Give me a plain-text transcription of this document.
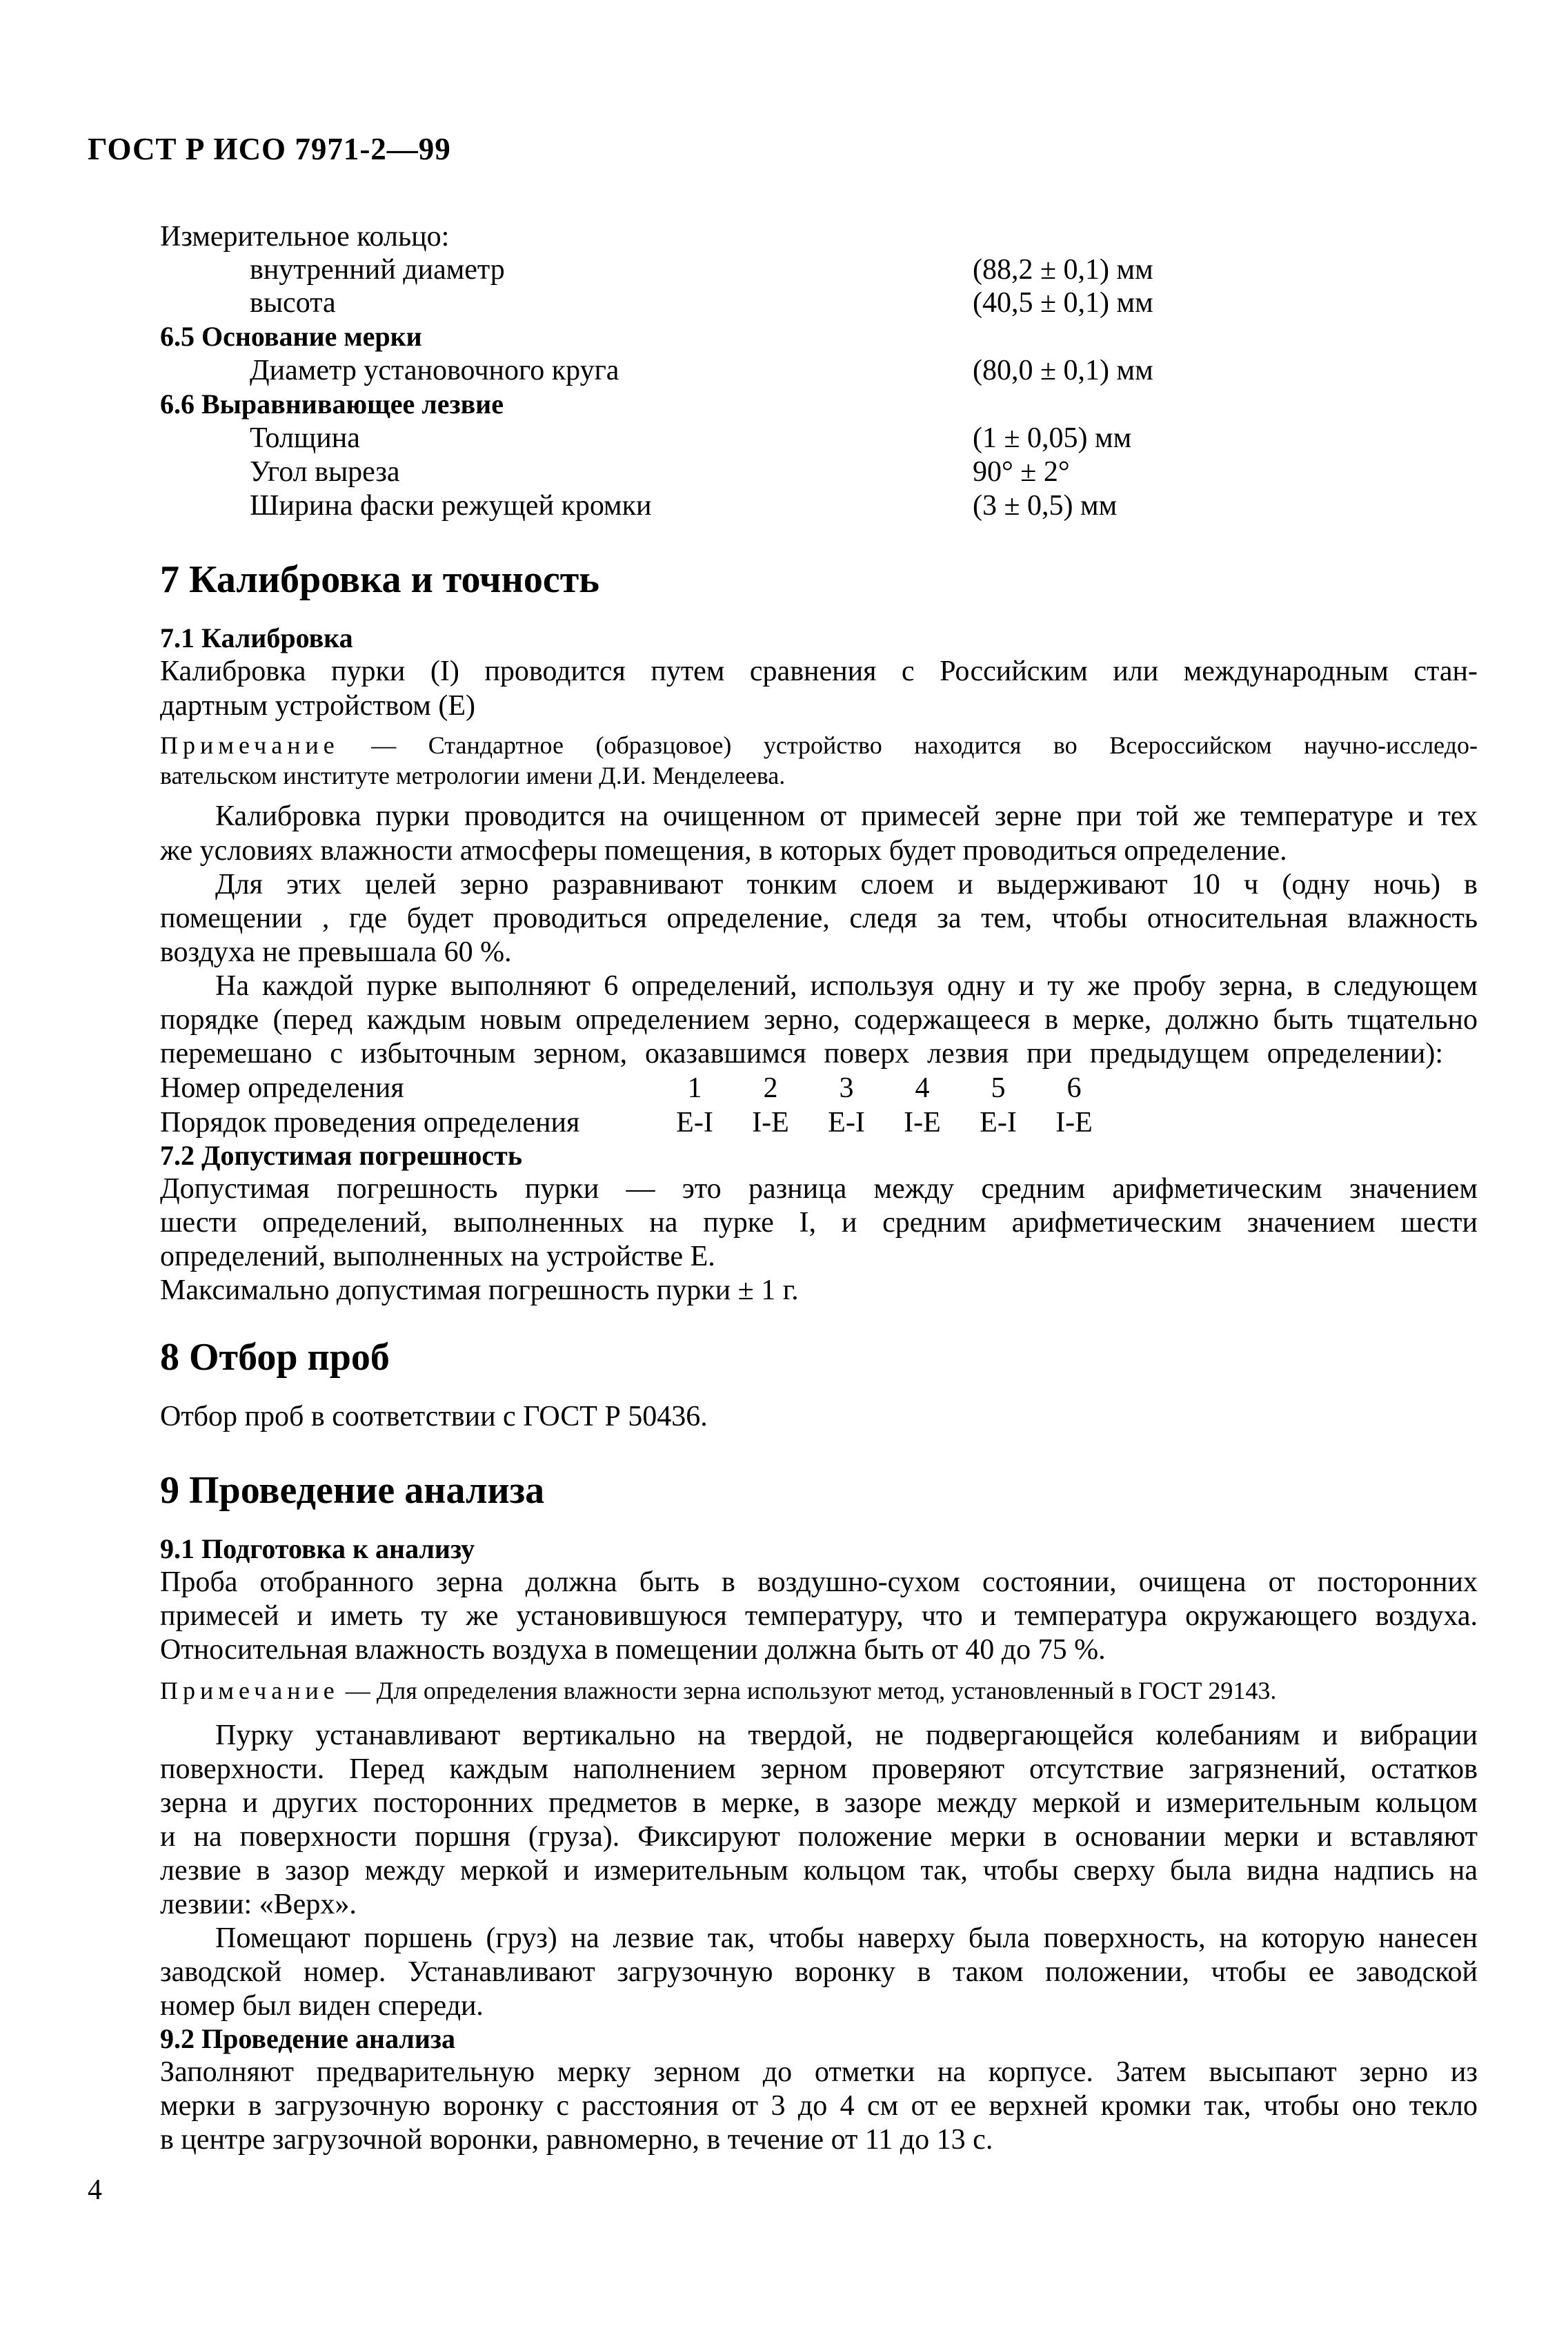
ГОСТ Р ИСО 7971-2—99
Измерительное кольцо:
внутренний диаметр	(88,2 ± 0,1) мм
высота	(40,5 ± 0,1) мм
6.5 Основание мерки
Диаметр установочного круга	(80,0 ± 0,1) мм
6.6 Выравнивающее лезвие
Толщина	(1 ± 0,05) мм
Угол выреза	90° ± 2°
Ширина фаски режущей кромки	(3 ± 0,5) мм
7 Калибровка и точность
7.1 Калибровка
Калибровка пурки (I) проводится путем сравнения с Российским или международным стан-
дартным устройством (Е)
Примечание — Стандартное (образцовое) устройство находится во Всероссийском научно-исследо-
вательском институте метрологии имени Д.И. Менделеева.
Калибровка пурки проводится на очищенном от примесей зерне при той же температуре и тех
же условиях влажности атмосферы помещения, в которых будет проводиться определение.
Для этих целей зерно разравнивают тонким слоем и выдерживают 10 ч (одну ночь) в
помещении , где будет проводиться определение, следя за тем, чтобы относительная влажность
воздуха не превышала 60 %.
На каждой пурке выполняют 6 определений, используя одну и ту же пробу зерна, в следующем
порядке (перед каждым новым определением зерно, содержащееся в мерке, должно быть тщательно
перемешано с избыточным зерном, оказавшимся поверх лезвия при предыдущем определении):
Номер определения	1	2	3	4	5	6
Порядок проведения определения	E-I	I-E	E-I	I-E	E-I	I-E
7.2 Допустимая погрешность
Допустимая погрешность пурки — это разница между средним арифметическим значением
шести определений, выполненных на пурке I, и средним арифметическим значением шести
определений, выполненных на устройстве Е.
Максимально допустимая погрешность пурки ± 1 г.
8 Отбор проб
Отбор проб в соответствии с ГОСТ Р 50436.
9 Проведение анализа
9.1 Подготовка к анализу
Проба отобранного зерна должна быть в воздушно-сухом состоянии, очищена от посторонних
примесей и иметь ту же установившуюся температуру, что и температура окружающего воздуха.
Относительная влажность воздуха в помещении должна быть от 40 до 75 %.
Примечание — Для определения влажности зерна используют метод, установленный в ГОСТ 29143.
Пурку устанавливают вертикально на твердой, не подвергающейся колебаниям и вибрации
поверхности. Перед каждым наполнением зерном проверяют отсутствие загрязнений, остатков
зерна и других посторонних предметов в мерке, в зазоре между меркой и измерительным кольцом
и на поверхности поршня (груза). Фиксируют положение мерки в основании мерки и вставляют
лезвие в зазор между меркой и измерительным кольцом так, чтобы сверху была видна надпись на
лезвии: «Верх».
Помещают поршень (груз) на лезвие так, чтобы наверху была поверхность, на которую нанесен
заводской номер. Устанавливают загрузочную воронку в таком положении, чтобы ее заводской
номер был виден спереди.
9.2 Проведение анализа
Заполняют предварительную мерку зерном до отметки на корпусе. Затем высыпают зерно из
мерки в загрузочную воронку с расстояния от 3 до 4 см от ее верхней кромки так, чтобы оно текло
в центре загрузочной воронки, равномерно, в течение от 11 до 13 с.
4
